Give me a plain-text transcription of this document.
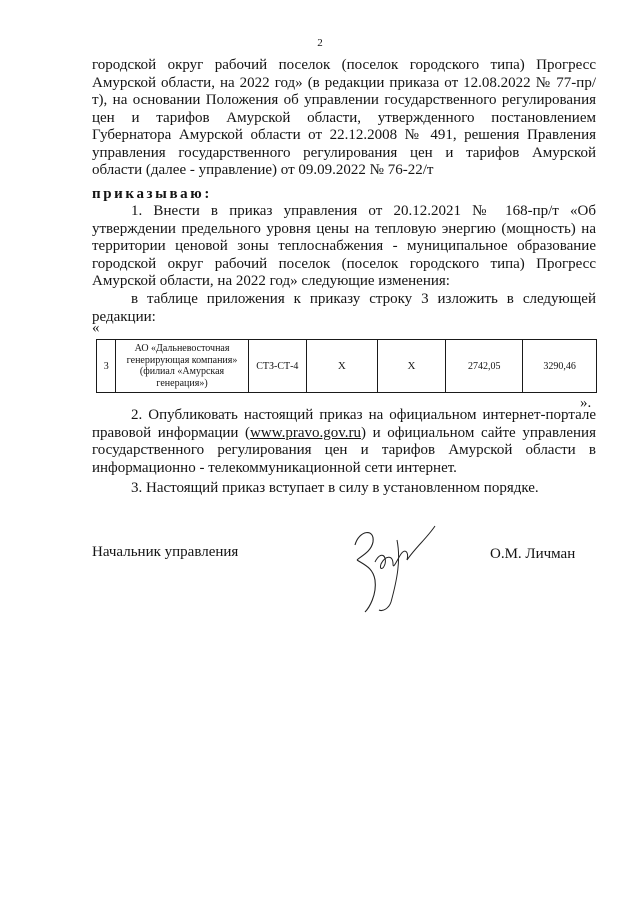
2
городской округ рабочий поселок (поселок городского типа) Прогресс Амурской области, на 2022 год» (в редакции приказа от 12.08.2022 № 77-пр/т), на основании Положения об управлении государственного регулирования цен и тарифов Амурской области, утвержденного постановлением Губернатора Амурской области от 22.12.2008 № 491, решения Правления управления государственного регулирования цен и тарифов Амурской области (далее - управление) от 09.09.2022 № 76-22/т
приказываю:
1. Внести в приказ управления от 20.12.2021 № 168-пр/т «Об утверждении предельного уровня цены на тепловую энергию (мощность) на территории ценовой зоны теплоснабжения - муниципальное образование городской округ рабочий поселок (поселок городского типа) Прогресс Амурской области, на 2022 год» следующие изменения:
в таблице приложения к приказу строку 3 изложить в следующей редакции:
«
3	АО «Дальневосточная генерирующая компания» (филиал «Амурская генерация»)	СТЗ-СТ-4	Х	Х	2742,05	3290,46
».
2. Опубликовать настоящий приказ на официальном интернет-портале правовой информации (www.pravo.gov.ru) и официальном сайте управления государственного регулирования цен и тарифов Амурской области в информационно - телекоммуникационной сети интернет.
3. Настоящий приказ вступает в силу в установленном порядке.
Начальник управления	О.М. Личман
